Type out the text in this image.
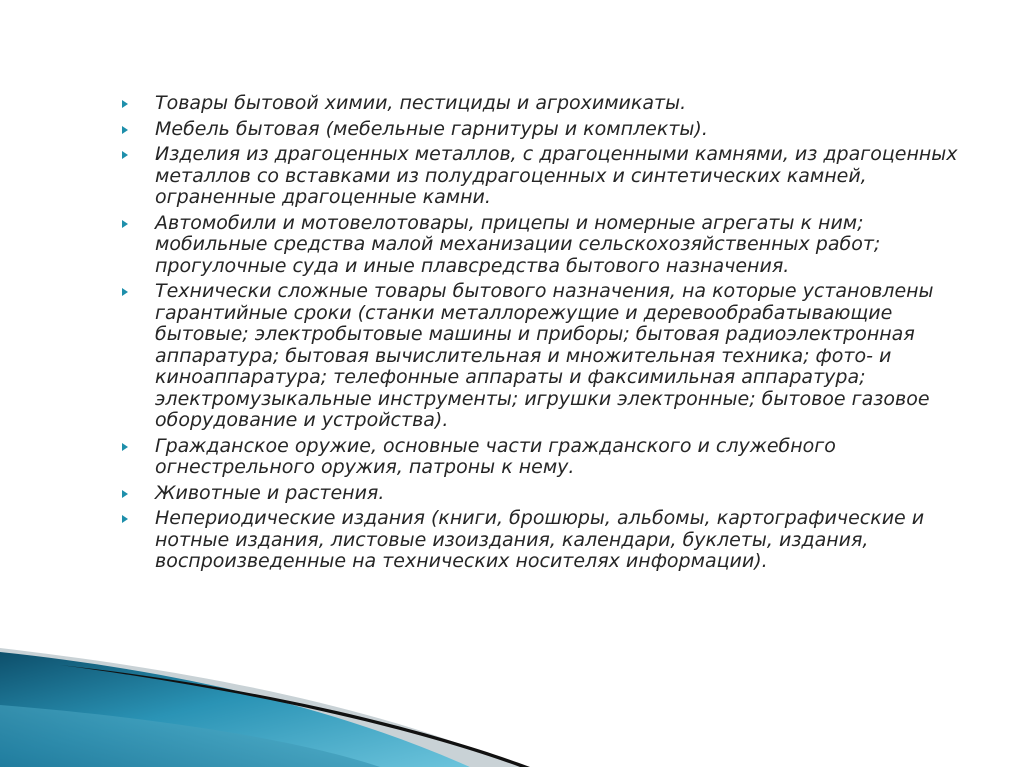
Товары бытовой химии, пестициды и агрохимикаты.
Мебель бытовая (мебельные гарнитуры и комплекты).
Изделия из драгоценных металлов, с драгоценными камнями, из драгоценных металлов со вставками из полудрагоценных и синтетических камней, ограненные драгоценные камни.
Автомобили и мотовелотовары, прицепы и номерные агрегаты к ним; мобильные средства малой механизации сельскохозяйственных работ; прогулочные суда и иные плавсредства бытового назначения.
Технически сложные товары бытового назначения, на которые установлены гарантийные сроки (станки металлорежущие и деревообрабатывающие бытовые; электробытовые машины и приборы; бытовая радиоэлектронная аппаратура; бытовая вычислительная и множительная техника; фото- и киноаппаратура; телефонные аппараты и факсимильная аппаратура; электромузыкальные инструменты; игрушки электронные; бытовое газовое оборудование и устройства).
Гражданское оружие, основные части гражданского и служебного огнестрельного оружия, патроны к нему.
Животные и растения.
Непериодические издания (книги, брошюры, альбомы, картографические и нотные издания, листовые изоиздания, календари, буклеты, издания, воспроизведенные на технических носителях информации).
